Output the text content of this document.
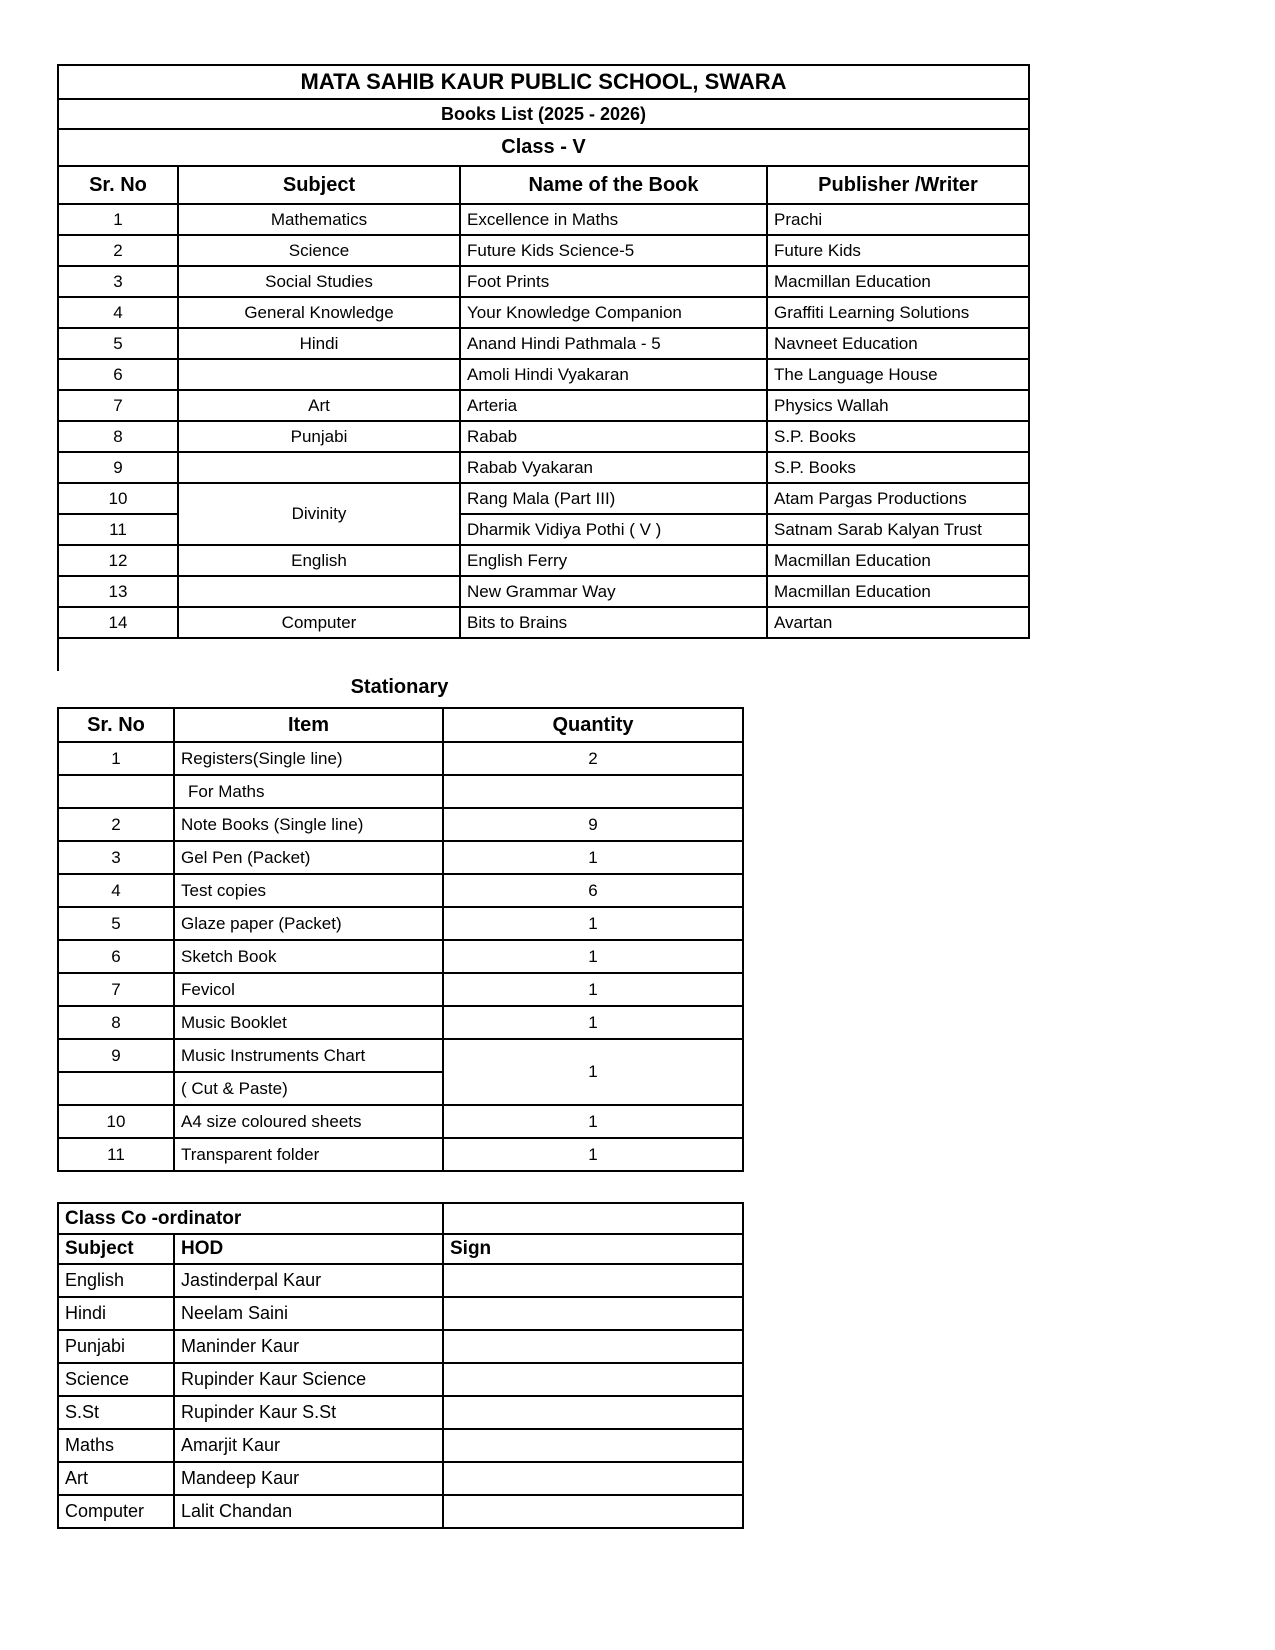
MATA SAHIB KAUR PUBLIC SCHOOL, SWARA			
Books List (2025 - 2026)			
Class - V			
Sr. No	Subject	Name of the Book	Publisher /Writer
1	Mathematics	Excellence in Maths	Prachi
2	Science	Future Kids Science-5	Future Kids
3	Social Studies	Foot Prints	Macmillan Education
4	General Knowledge	Your Knowledge Companion	Graffiti Learning Solutions
5	Hindi	Anand Hindi Pathmala - 5	Navneet Education
6		Amoli Hindi Vyakaran	The Language House
7	Art	Arteria	Physics Wallah
8	Punjabi	Rabab	S.P. Books
9		Rabab Vyakaran	S.P. Books
10	Divinity	Rang Mala (Part III)	Atam Pargas Productions
11		Dharmik Vidiya Pothi ( V )	Satnam Sarab Kalyan Trust
12	English	English Ferry	Macmillan Education
13		New Grammar Way	Macmillan Education
14	Computer	Bits to Brains	Avartan
Stationary
Sr. No	Item	Quantity
1	Registers(Single line)	2
	For Maths	
2	Note Books (Single line)	9
3	Gel Pen (Packet)	1
4	Test copies	6
5	Glaze paper (Packet)	1
6	Sketch Book	1
7	Fevicol	1
8	Music Booklet	1
9	Music Instruments Chart	1
	( Cut & Paste)	
10	A4 size coloured sheets	1
11	Transparent folder	1
Class Co -ordinator		
Subject	HOD	Sign
English	Jastinderpal Kaur	
Hindi	Neelam Saini	
Punjabi	Maninder Kaur	
Science	Rupinder Kaur Science	
S.St	Rupinder Kaur S.St	
Maths	Amarjit Kaur	
Art	Mandeep Kaur	
Computer	Lalit Chandan	
